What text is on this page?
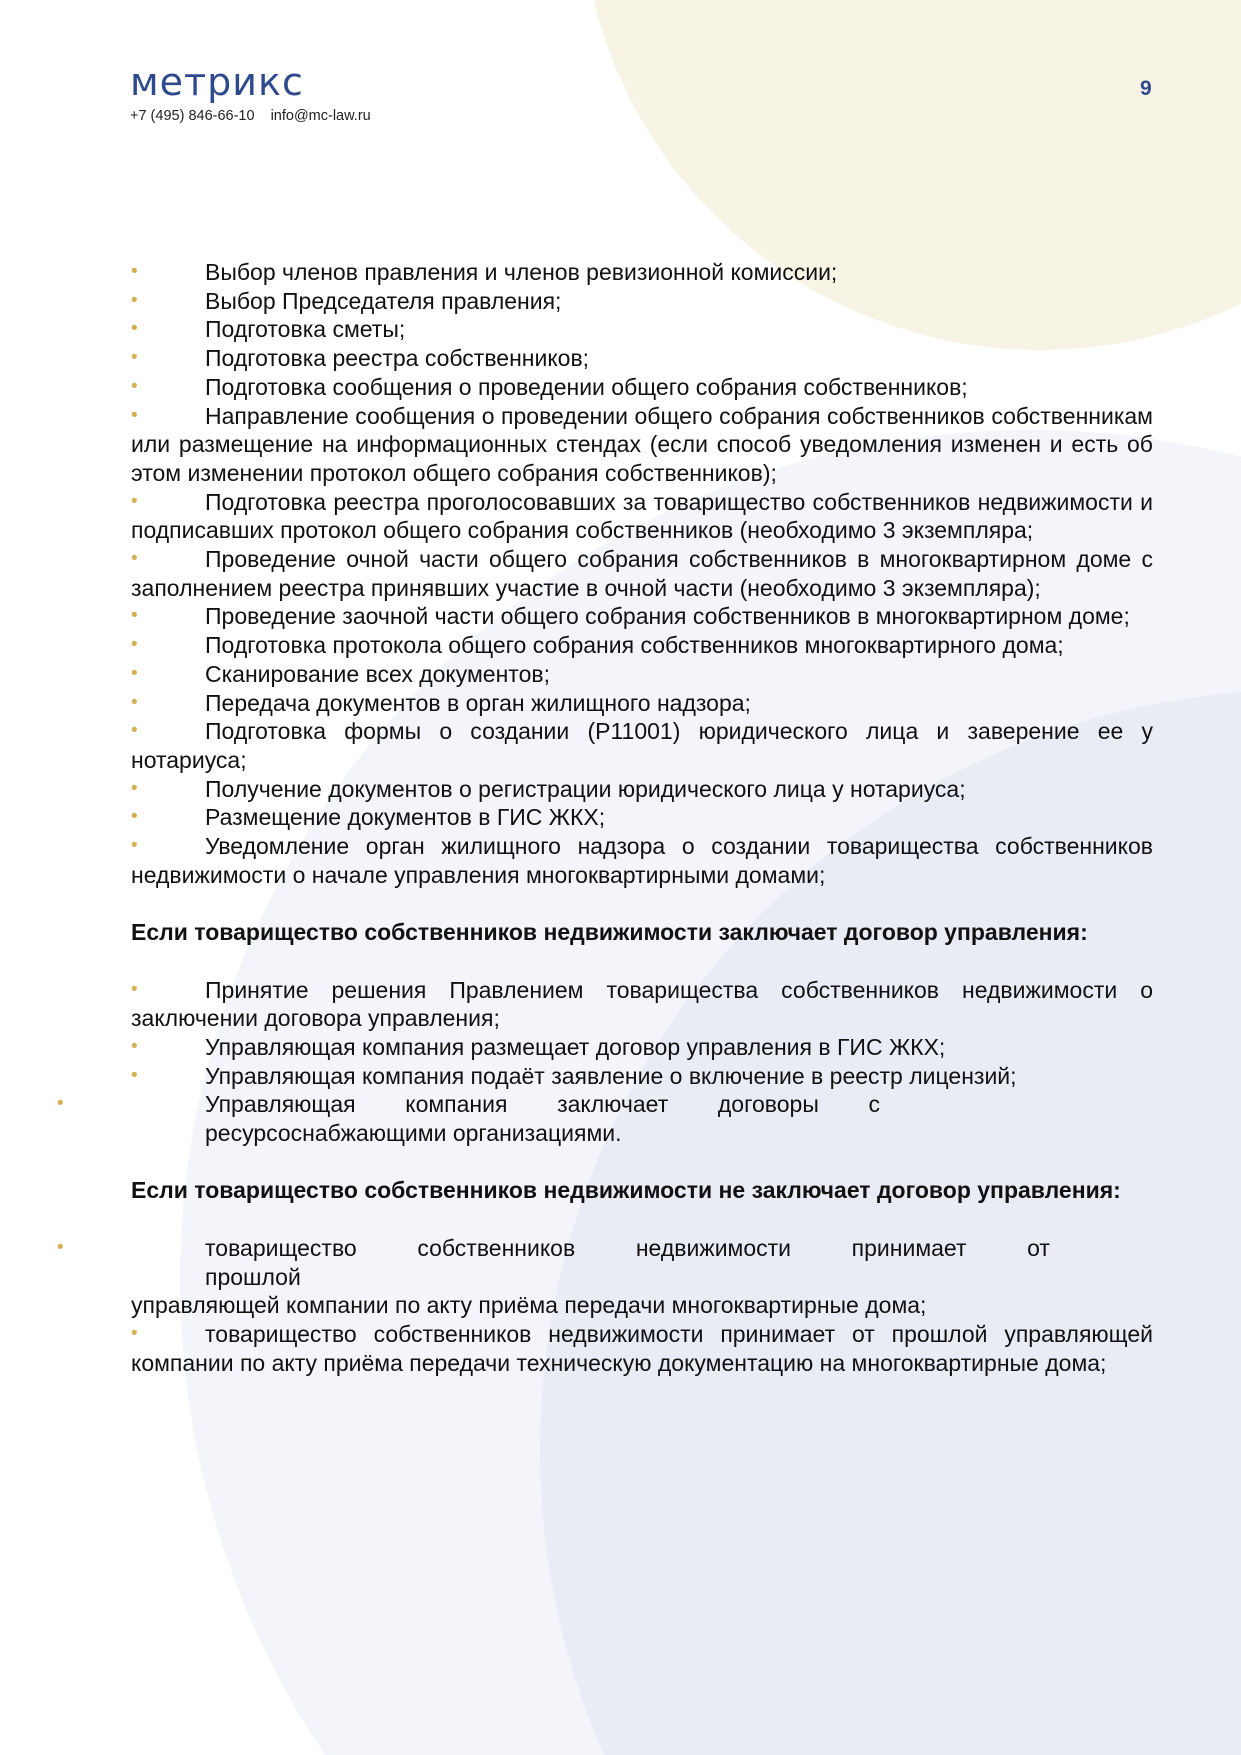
метрикс
+7 (495) 846-66-10 info@mc-law.ru
9
•	Выбор членов правления и членов ревизионной комиссии;
•	Выбор Председателя правления;
•	Подготовка сметы;
•	Подготовка реестра собственников;
•	Подготовка сообщения о проведении общего собрания собственников;
•	Направление сообщения о проведении общего собрания собственников собственникам или размещение на информационных стендах (если способ уведомления изменен и есть об этом изменении протокол общего собрания собственников);
•	Подготовка реестра проголосовавших за товарищество собственников недвижимости и подписавших протокол общего собрания собственников (необходимо 3 экземпляра;
•	Проведение очной части общего собрания собственников в многоквартирном доме с заполнением реестра принявших участие в очной части (необходимо 3 экземпляра);
•	Проведение заочной части общего собрания собственников в многоквартирном доме;
•	Подготовка протокола общего собрания собственников многоквартирного дома;
•	Сканирование всех документов;
•	Передача документов в орган жилищного надзора;
•	Подготовка формы о создании (Р11001) юридического лица и заверение ее у нотариуса;
•	Получение документов о регистрации юридического лица у нотариуса;
•	Размещение документов в ГИС ЖКХ;
•	Уведомление орган жилищного надзора о создании товарищества собственников недвижимости о начале управления многоквартирными домами;
Если товарищество собственников недвижимости заключает договор управления:
•	Принятие решения Правлением товарищества собственников недвижимости о заключении договора управления;
•	Управляющая компания размещает договор управления в ГИС ЖКХ;
•	Управляющая компания подаёт заявление о включение в реестр лицензий;
•	Управляющая компания заключает договоры с
ресурсоснабжающими организациями.
Если товарищество собственников недвижимости не заключает договор управления:
•	товарищество	собственников	недвижимости	принимает	от
прошлой
управляющей компании по акту приёма передачи многоквартирные дома;
•	товарищество собственников недвижимости принимает от прошлой управляющей компании по акту приёма передачи техническую документацию на многоквартирные дома;
